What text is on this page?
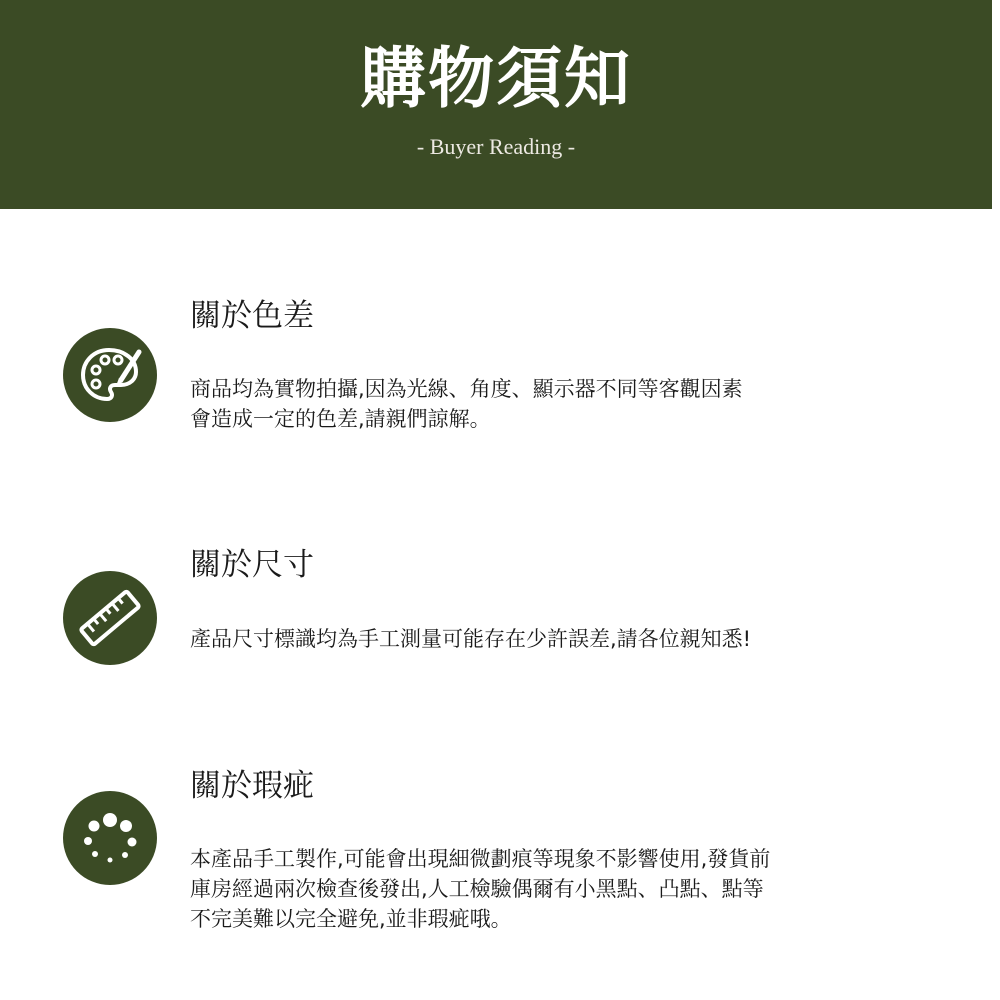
購物須知
- Buyer Reading -
關於色差
商品均為實物拍攝,因為光線、角度、顯示器不同等客觀因素
會造成一定的色差,請親們諒解。
關於尺寸
產品尺寸標識均為手工測量可能存在少許誤差,請各位親知悉!
關於瑕疵
本產品手工製作,可能會出現細微劃痕等現象不影響使用,發貨前
庫房經過兩次檢查後發出,人工檢驗偶爾有小黑點、凸點、點等
不完美難以完全避免,並非瑕疵哦。
